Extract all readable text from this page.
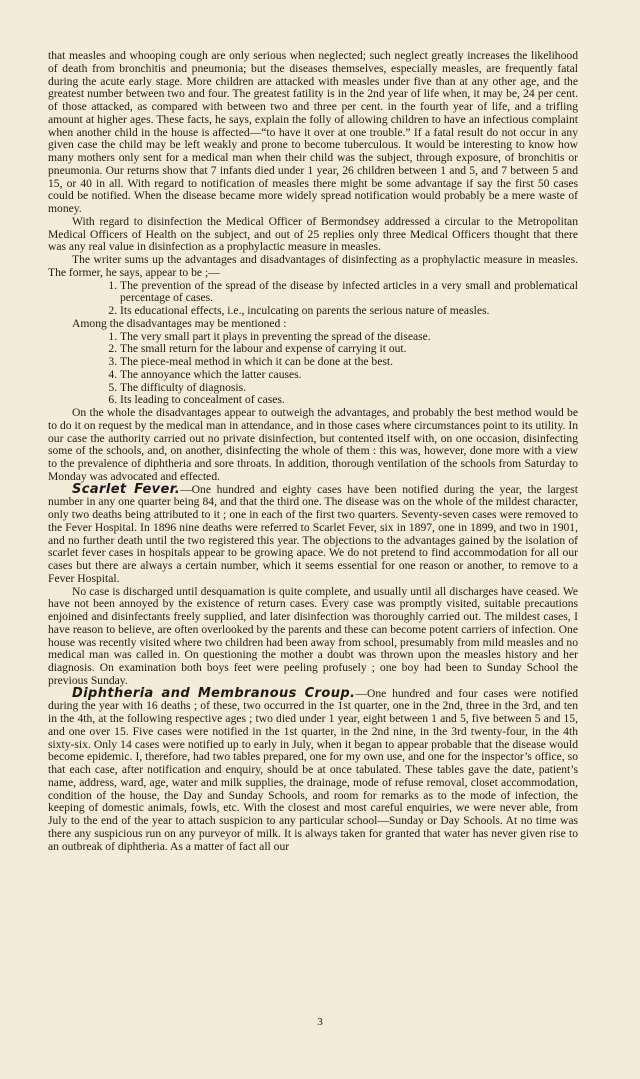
that measles and whooping cough are only serious when neglected; such neglect greatly increases the likelihood of death from bronchitis and pneumonia; but the diseases themselves, especially measles, are frequently fatal during the acute early stage. More children are attacked with measles under five than at any other age, and the greatest number between two and four. The greatest fatility is in the 2nd year of life when, it may be, 24 per cent. of those attacked, as compared with between two and three per cent. in the fourth year of life, and a trifling amount at higher ages. These facts, he says, explain the folly of allowing children to have an infectious complaint when another child in the house is affected—“to have it over at one trouble.” If a fatal result do not occur in any given case the child may be left weakly and prone to become tuberculous. It would be interesting to know how many mothers only sent for a medical man when their child was the subject, through exposure, of bronchitis or pneumonia. Our returns show that 7 infants died under 1 year, 26 children between 1 and 5, and 7 between 5 and 15, or 40 in all. With regard to notification of measles there might be some advantage if say the first 50 cases could be notified. When the disease became more widely spread notification would probably be a mere waste of money.

With regard to disinfection the Medical Officer of Bermondsey addressed a circular to the Metropolitan Medical Officers of Health on the subject, and out of 25 replies only three Medical Officers thought that there was any real value in disinfection as a prophylactic measure in measles.

The writer sums up the advantages and disadvantages of disinfecting as a prophylactic measure in measles. The former, he says, appear to be ;—

1. The prevention of the spread of the disease by infected articles in a very small and problematical percentage of cases.
2. Its educational effects, i.e., inculcating on parents the serious nature of measles.

Among the disadvantages may be mentioned :

1. The very small part it plays in preventing the spread of the disease.
2. The small return for the labour and expense of carrying it out.
3. The piece-meal method in which it can be done at the best.
4. The annoyance which the latter causes.
5. The difficulty of diagnosis.
6. Its leading to concealment of cases.

On the whole the disadvantages appear to outweigh the advantages, and probably the best method would be to do it on request by the medical man in attendance, and in those cases where circumstances point to its utility. In our case the authority carried out no private disinfection, but contented itself with, on one occasion, disinfecting some of the schools, and, on another, disinfecting the whole of them : this was, however, done more with a view to the prevalence of diphtheria and sore throats. In addition, thorough ventilation of the schools from Saturday to Monday was advocated and effected.

Scarlet Fever.—One hundred and eighty cases have been notified during the year, the largest number in any one quarter being 84, and that the third one. The disease was on the whole of the mildest character, only two deaths being attributed to it ; one in each of the first two quarters. Seventy-seven cases were removed to the Fever Hospital. In 1896 nine deaths were referred to Scarlet Fever, six in 1897, one in 1899, and two in 1901, and no further death until the two registered this year. The objections to the advantages gained by the isolation of scarlet fever cases in hospitals appear to be growing apace. We do not pretend to find accommodation for all our cases but there are always a certain number, which it seems essential for one reason or another, to remove to a Fever Hospital.

No case is discharged until desquamation is quite complete, and usually until all discharges have ceased. We have not been annoyed by the existence of return cases. Every case was promptly visited, suitable precautions enjoined and disinfectants freely supplied, and later disinfection was thoroughly carried out. The mildest cases, I have reason to believe, are often overlooked by the parents and these can become potent carriers of infection. One house was recently visited where two children had been away from school, presumably from mild measles and no medical man was called in. On questioning the mother a doubt was thrown upon the measles history and her diagnosis. On examination both boys feet were peeling profusely ; one boy had been to Sunday School the previous Sunday.

Diphtheria and Membranous Croup.—One hundred and four cases were notified during the year with 16 deaths ; of these, two occurred in the 1st quarter, one in the 2nd, three in the 3rd, and ten in the 4th, at the following respective ages ; two died under 1 year, eight between 1 and 5, five between 5 and 15, and one over 15. Five cases were notified in the 1st quarter, in the 2nd nine, in the 3rd twenty-four, in the 4th sixty-six. Only 14 cases were notified up to early in July, when it began to appear probable that the disease would become epidemic. I, therefore, had two tables prepared, one for my own use, and one for the inspector’s office, so that each case, after notification and enquiry, should be at once tabulated. These tables gave the date, patient’s name, address, ward, age, water and milk supplies, the drainage, mode of refuse removal, closet accommodation, condition of the house, the Day and Sunday Schools, and room for remarks as to the mode of infection, the keeping of domestic animals, fowls, etc. With the closest and most careful enquiries, we were never able, from July to the end of the year to attach suspicion to any particular school—Sunday or Day Schools. At no time was there any suspicious run on any purveyor of milk. It is always taken for granted that water has never given rise to an outbreak of diphtheria. As a matter of fact all our

3
